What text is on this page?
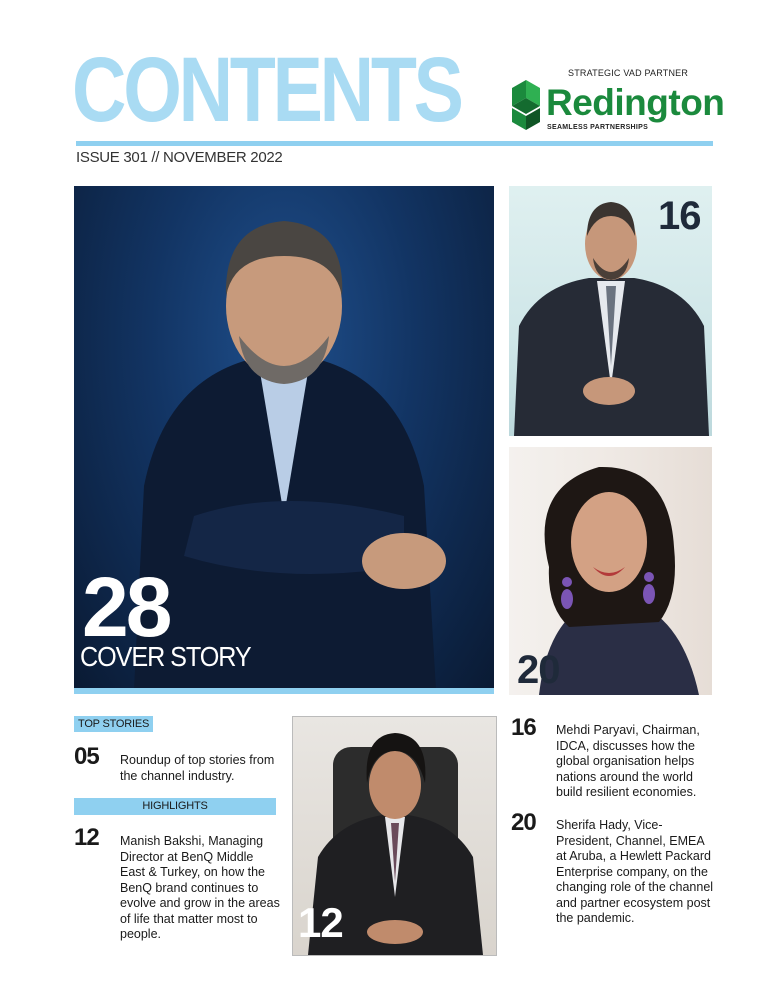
CONTENTS
ISSUE 301 // NOVEMBER 2022
STRATEGIC VAD PARTNER
Redington
SEAMLESS PARTNERSHIPS
28
COVER STORY
16
20
12
TOP STORIES
HIGHLIGHTS
05 Roundup of top stories from the channel industry.
12 Manish Bakshi, Managing Director at BenQ Middle East & Turkey, on how the BenQ brand continues to evolve and grow in the areas of life that matter most to people.
16 Mehdi Paryavi, Chairman, IDCA, discusses how the global organisation helps nations around the world build resilient economies.
20 Sherifa Hady, Vice-President, Channel, EMEA at Aruba, a Hewlett Packard Enterprise company, on the changing role of the channel and partner ecosystem post the pandemic.
